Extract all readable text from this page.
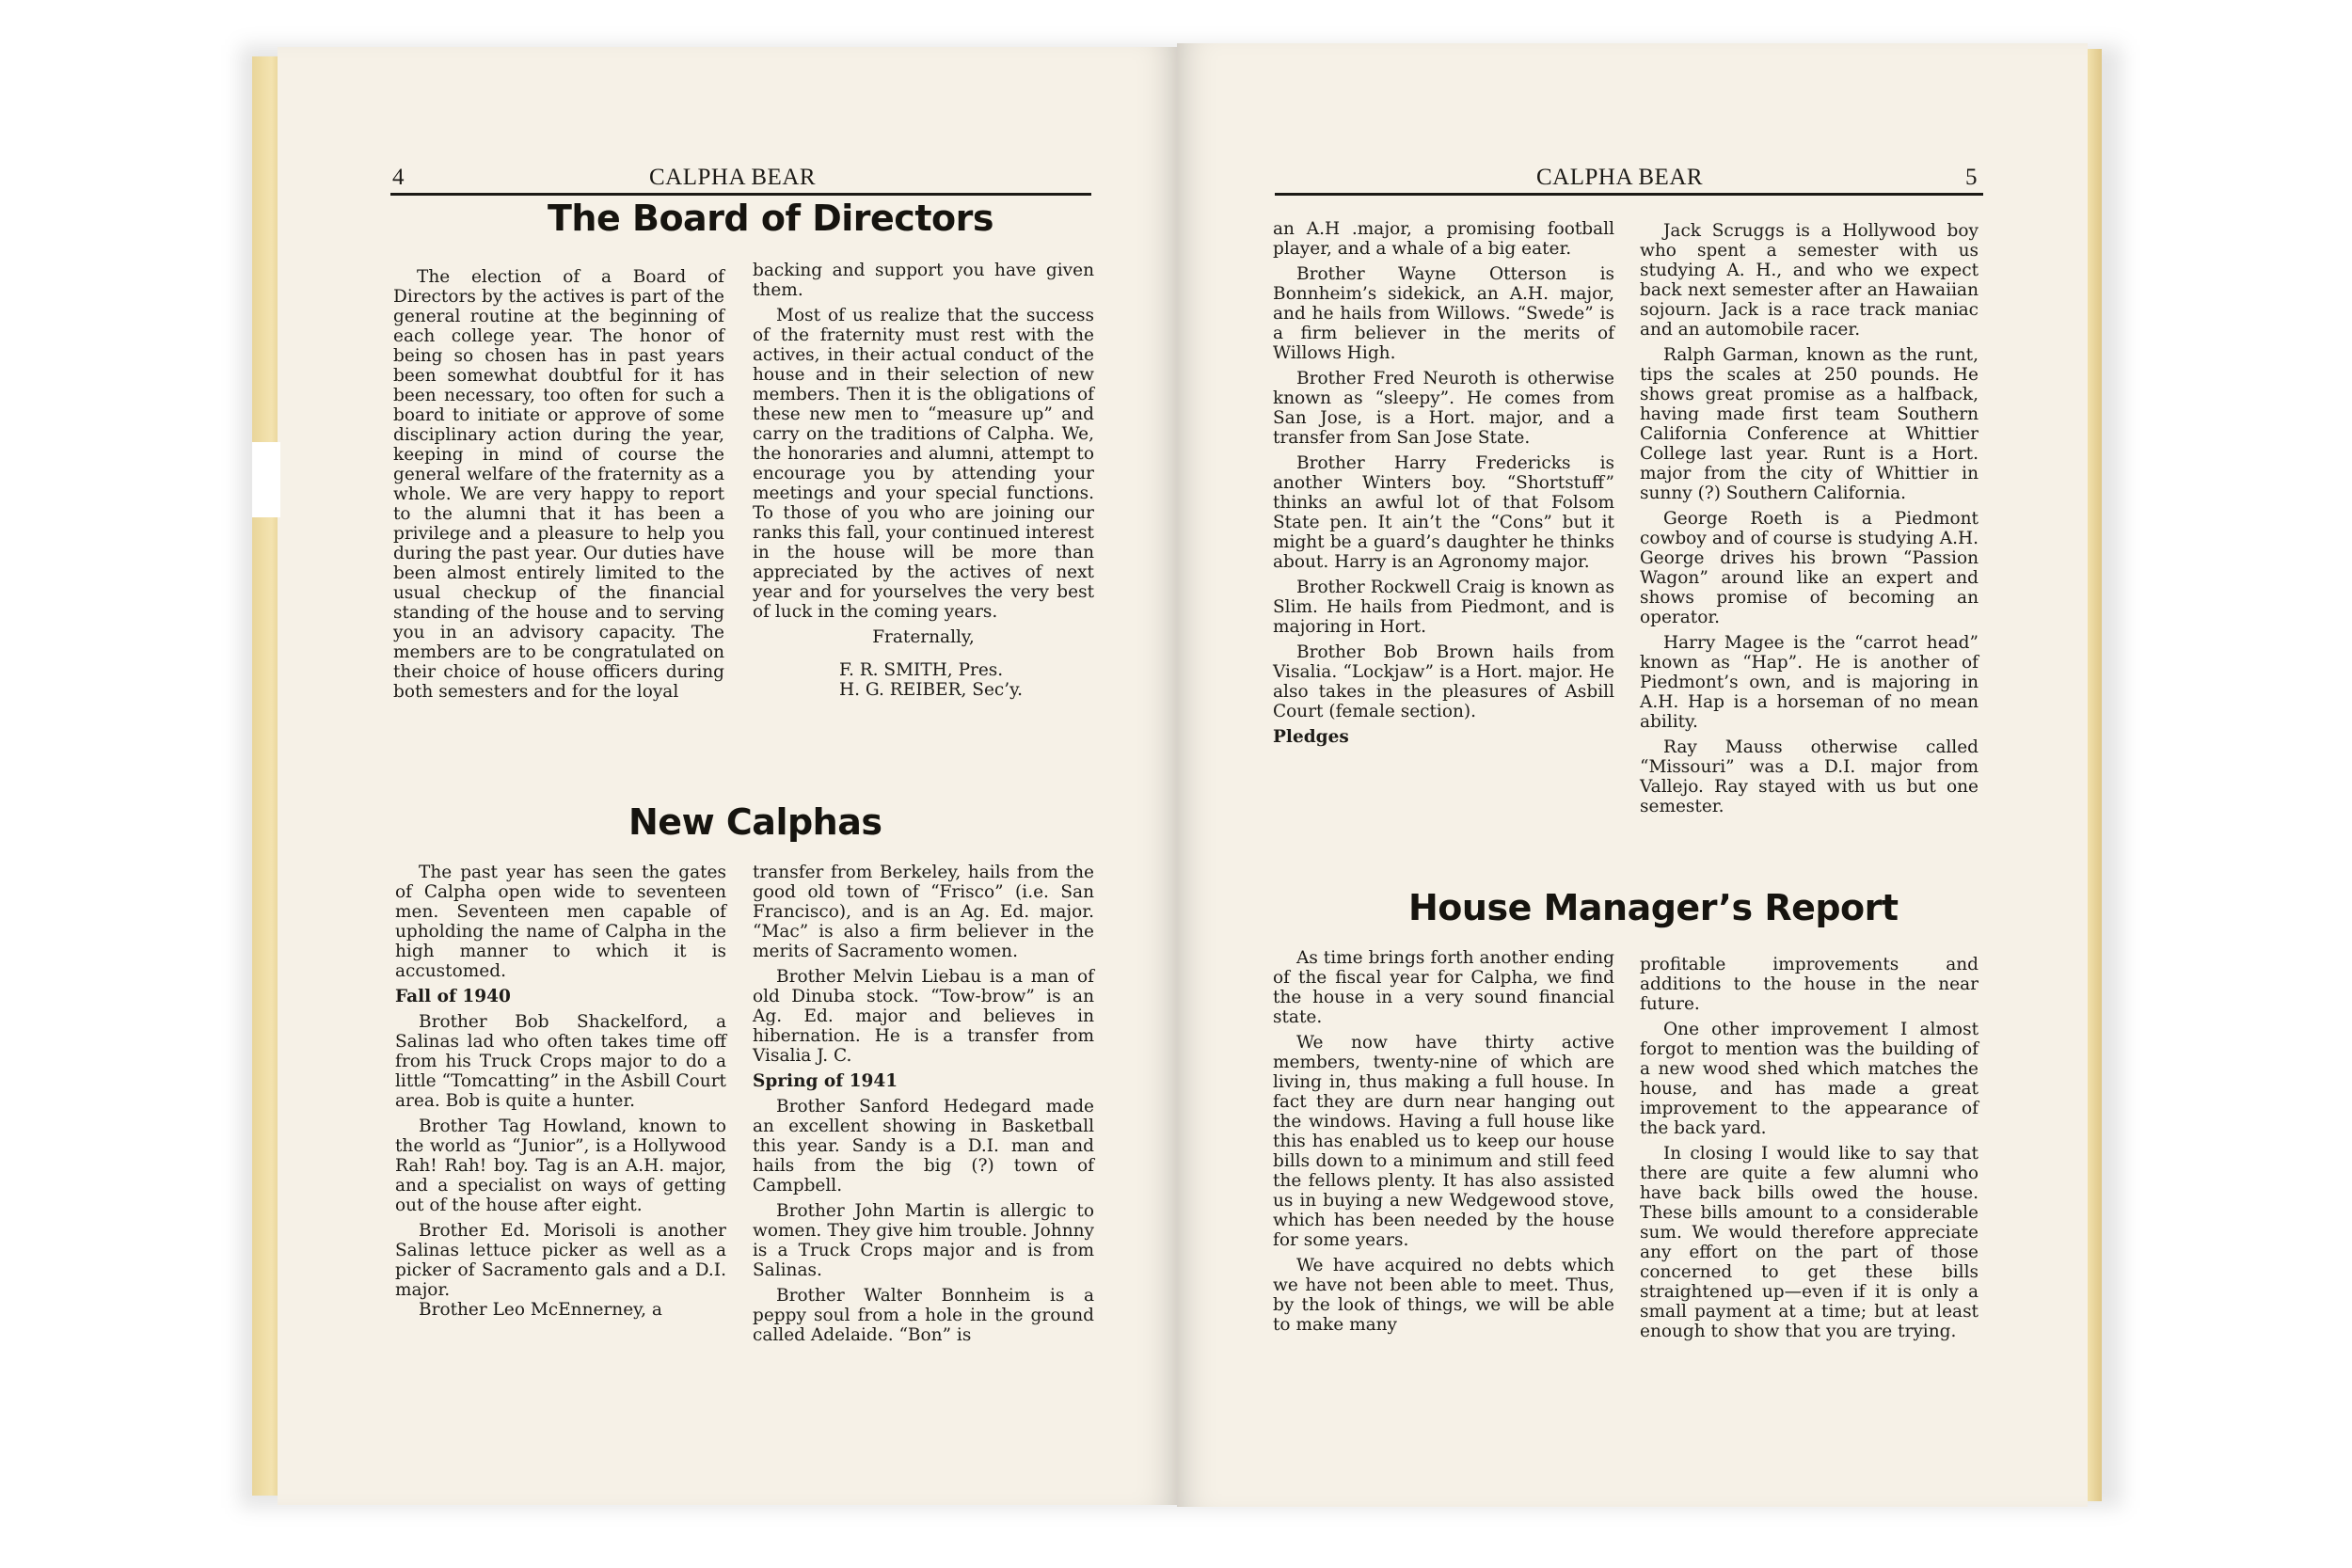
4	CALPHA BEAR	CALPHA BEAR	5
The Board of Directors

The election of a Board of Directors by the actives is part of the general routine at the beginning of each college year. The honor of being so chosen has in past years been somewhat doubtful for it has been necessary, too often for such a board to initiate or approve of some disciplinary action during the year, keeping in mind of course the general welfare of the fraternity as a whole. We are very happy to report to the alumni that it has been a privilege and a pleasure to help you during the past year. Our duties have been almost entirely limited to the usual checkup of the financial standing of the house and to serving you in an advisory capacity. The members are to be congratulated on their choice of house officers during both semesters and for the loyal

backing and support you have given them.

Most of us realize that the success of the fraternity must rest with the actives, in their actual conduct of the house and in their selection of new members. Then it is the obligations of these new men to “measure up” and carry on the traditions of Calpha. We, the honoraries and alumni, attempt to encourage you by attending your meetings and your special functions. To those of you who are joining our ranks this fall, your continued interest in the house will be more than appreciated by the actives of next year and for yourselves the very best of luck in the coming years.

Fraternally,

F. R. SMITH, Pres.

H. G. REIBER, Sec’y.

New Calphas

The past year has seen the gates of Calpha open wide to seventeen men. Seventeen men capable of upholding the name of Calpha in the high manner to which it is accustomed.

Fall of 1940

Brother Bob Shackelford, a Salinas lad who often takes time off from his Truck Crops major to do a little “Tomcatting” in the Asbill Court area. Bob is quite a hunter.

Brother Tag Howland, known to the world as “Junior”, is a Hollywood Rah! Rah! boy. Tag is an A.H. major, and a specialist on ways of getting out of the house after eight.

Brother Ed. Morisoli is another Salinas lettuce picker as well as a picker of Sacramento gals and a D.I. major.

Brother Leo McEnnerney, a

transfer from Berkeley, hails from the good old town of “Frisco” (i.e. San Francisco), and is an Ag. Ed. major. “Mac” is also a firm believer in the merits of Sacramento women.

Brother Melvin Liebau is a man of old Dinuba stock. “Tow-brow” is an Ag. Ed. major and believes in hibernation. He is a transfer from Visalia J. C.

Spring of 1941

Brother Sanford Hedegard made an excellent showing in Basketball this year. Sandy is a D.I. man and hails from the big (?) town of Campbell.

Brother John Martin is allergic to women. They give him trouble. Johnny is a Truck Crops major and is from Salinas.

Brother Walter Bonnheim is a peppy soul from a hole in the ground called Adelaide. “Bon” is

an A.H .major, a promising football player, and a whale of a big eater.

Brother Wayne Otterson is Bonnheim’s sidekick, an A.H. major, and he hails from Willows. “Swede” is a firm believer in the merits of Willows High.

Brother Fred Neuroth is otherwise known as “sleepy”. He comes from San Jose, is a Hort. major, and a transfer from San Jose State.

Brother Harry Fredericks is another Winters boy. “Shortstuff” thinks an awful lot of that Folsom State pen. It ain’t the “Cons” but it might be a guard’s daughter he thinks about. Harry is an Agronomy major.

Brother Rockwell Craig is known as Slim. He hails from Piedmont, and is majoring in Hort.

Brother Bob Brown hails from Visalia. “Lockjaw” is a Hort. major. He also takes in the pleasures of Asbill Court (female section).

Pledges

Jack Scruggs is a Hollywood boy who spent a semester with us studying A. H., and who we expect back next semester after an Hawaiian sojourn. Jack is a race track maniac and an automobile racer.

Ralph Garman, known as the runt, tips the scales at 250 pounds. He shows great promise as a halfback, having made first team Southern California Conference at Whittier College last year. Runt is a Hort. major from the city of Whittier in sunny (?) Southern California.

George Roeth is a Piedmont cowboy and of course is studying A.H. George drives his brown “Passion Wagon” around like an expert and shows promise of becoming an operator.

Harry Magee is the “carrot head” known as “Hap”. He is another of Piedmont’s own, and is majoring in A.H. Hap is a horseman of no mean ability.

Ray Mauss otherwise called “Missouri” was a D.I. major from Vallejo. Ray stayed with us but one semester.

House Manager’s Report

As time brings forth another ending of the fiscal year for Calpha, we find the house in a very sound financial state.

We now have thirty active members, twenty-nine of which are living in, thus making a full house. In fact they are durn near hanging out the windows. Having a full house like this has enabled us to keep our house bills down to a minimum and still feed the fellows plenty. It has also assisted us in buying a new Wedgewood stove, which has been needed by the house for some years.

We have acquired no debts which we have not been able to meet. Thus, by the look of things, we will be able to make many

profitable improvements and additions to the house in the near future.

One other improvement I almost forgot to mention was the building of a new wood shed which matches the house, and has made a great improvement to the appearance of the back yard.

In closing I would like to say that there are quite a few alumni who have back bills owed the house. These bills amount to a considerable sum. We would therefore appreciate any effort on the part of those concerned to get these bills straightened up—even if it is only a small payment at a time; but at least enough to show that you are trying.
